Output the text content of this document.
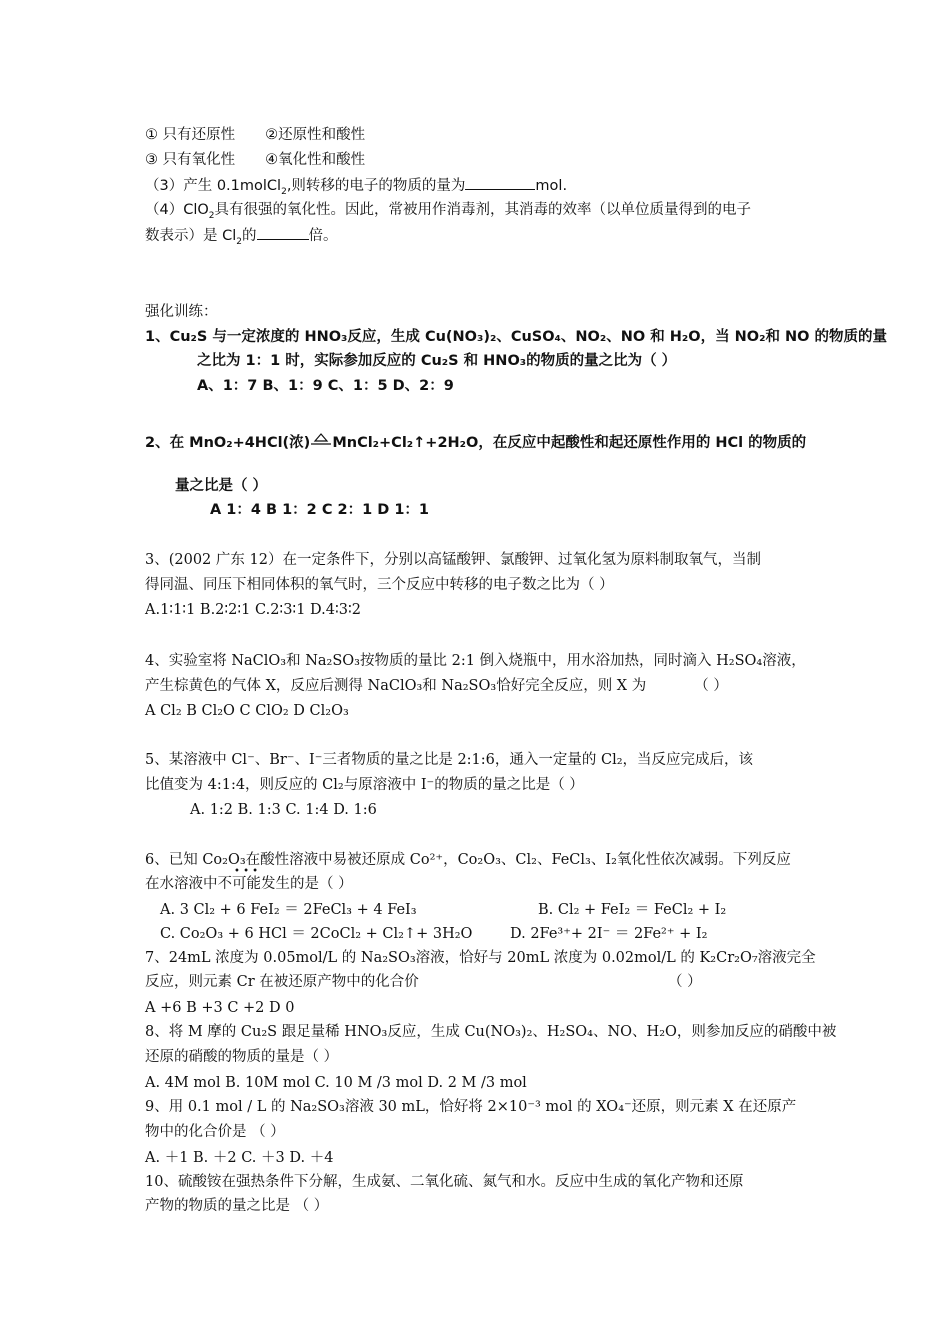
① 只有还原性 ②还原性和酸性
③ 只有氧化性 ④氧化性和酸性
（3）产生 0.1molCl$_2$,则转移的电子的物质的量为	mol.
（4）ClO$_2$具有很强的氧化性。因此，常被用作消毒剂，其消毒的效率（以单位质量得到的电子
数表示）是 $Cl_2$的	倍。
强化训练：
1、Cu₂S 与一定浓度的 HNO₃反应，生成 Cu(NO₃)₂、CuSO₄、NO₂、NO 和 H₂O，当 NO₂和 NO 的物质的量
之比为 1：1 时，实际参加反应的 Cu₂S 和 HNO₃的物质的量之比为（ ）
A、1：7 B、1：9 C、1：5 D、2：9
2、在 MnO₂+4HCl(浓) MnCl₂+Cl₂↑+2H₂O，在反应中起酸性和起还原性作用的 HCl 的物质的
量之比是（ ）
A 1：4 B 1：2 C 2：1 D 1：1
3、(2002 广东 12）在一定条件下，分别以高锰酸钾、氯酸钾、过氧化氢为原料制取氧气，当制
得同温、同压下相同体积的氧气时，三个反应中转移的电子数之比为（ ）
A.1∶1∶1 B.2∶2∶1 C.2∶3∶1 D.4∶3∶2
4、实验室将 NaClO₃和 Na₂SO₃按物质的量比 2:1 倒入烧瓶中，用水浴加热，同时滴入 H₂SO₄溶液，
产生棕黄色的气体 X，反应后测得 NaClO₃和 Na₂SO₃恰好完全反应，则 X 为	（ ）
A Cl₂ B Cl₂O C ClO₂ D Cl₂O₃
5、某溶液中 Cl⁻、Br⁻、I⁻三者物质的量之比是 2:1:6，通入一定量的 Cl₂，当反应完成后，该
比值变为 4:1:4，则反应的 Cl₂与原溶液中 I⁻的物质的量之比是（ ）
A. 1:2 B. 1:3 C. 1:4 D. 1:6
6、已知 Co₂O₃在酸性溶液中易被还原成 Co²⁺，Co₂O₃、Cl₂、FeCl₃、I₂氧化性依次减弱。下列反应
在水溶液中不可能发生的是（ ）
• • •
A. 3 Cl₂ + 6 FeI₂ ＝ 2FeCl₃ + 4 FeI₃	B. Cl₂ + FeI₂ ＝ FeCl₂ + I₂
C. Co₂O₃ + 6 HCl ＝ 2CoCl₂ + Cl₂↑+ 3H₂O	D. 2Fe³⁺+ 2I⁻ ＝ 2Fe²⁺ + I₂
7、24mL 浓度为 0.05mol/L 的 Na₂SO₃溶液，恰好与 20mL 浓度为 0.02mol/L 的 K₂Cr₂O₇溶液完全
反应，则元素 Cr 在被还原产物中的化合价	（ ）
A +6 B +3 C +2 D 0
8、将 M 摩的 Cu₂S 跟足量稀 HNO₃反应，生成 Cu(NO₃)₂、H₂SO₄、NO、H₂O，则参加反应的硝酸中被
还原的硝酸的物质的量是（ ）
A. 4M mol B. 10M mol C. 10 M /3 mol D. 2 M /3 mol
9、用 0.1 mol / L 的 Na₂SO₃溶液 30 mL，恰好将 2×10⁻³ mol 的 XO₄⁻还原，则元素 X 在还原产
物中的化合价是 （ ）
A. ＋1 B. ＋2 C. ＋3 D. ＋4
10、硫酸铵在强热条件下分解，生成氨、二氧化硫、氮气和水。反应中生成的氧化产物和还原
产物的物质的量之比是 （ ）
